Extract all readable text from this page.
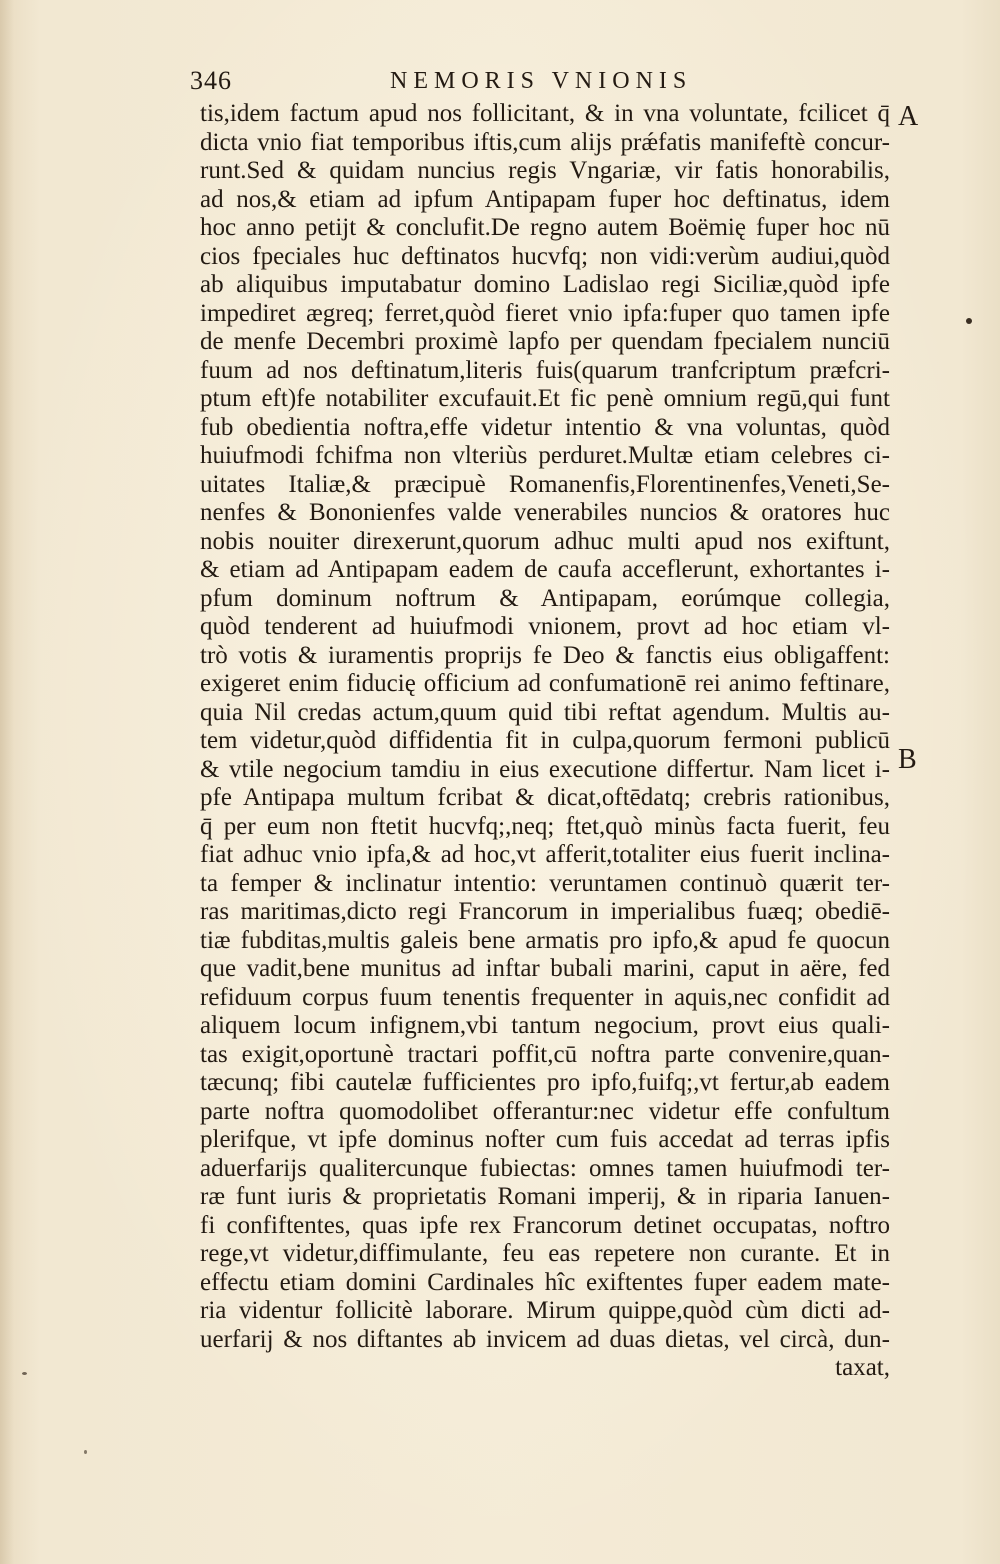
346	NEMORIS VNIONIS
A
B
tis,idem factum apud nos follicitant, & in vna voluntate, fcilicet q̄
dicta vnio fiat temporibus iftis,cum alijs prǽfatis manifeftè concur-
runt.Sed & quidam nuncius regis Vngariæ, vir fatis honorabilis,
ad nos,& etiam ad ipfum Antipapam fuper hoc deftinatus, idem
hoc anno petijt & conclufit.De regno autem Boëmię fuper hoc nū
cios fpeciales huc deftinatos hucvfq; non vidi:verùm audiui,quòd
ab aliquibus imputabatur domino Ladislao regi Siciliæ,quòd ipfe
impediret ægreq; ferret,quòd fieret vnio ipfa:fuper quo tamen ipfe
de menfe Decembri proximè lapfo per quendam fpecialem nunciū
fuum ad nos deftinatum,literis fuis(quarum tranfcriptum præfcri-
ptum eft)fe notabiliter excufauit.Et fic penè omnium regū,qui funt
fub obedientia noftra,effe videtur intentio & vna voluntas, quòd
huiufmodi fchifma non vlteriùs perduret.Multæ etiam celebres ci-
uitates Italiæ,& præcipuè Romanenfis,Florentinenfes,Veneti,Se-
nenfes & Bononienfes valde venerabiles nuncios & oratores huc
nobis nouiter direxerunt,quorum adhuc multi apud nos exiftunt,
& etiam ad Antipapam eadem de caufa acceflerunt, exhortantes i-
pfum dominum noftrum & Antipapam, eorúmque collegia,
quòd tenderent ad huiufmodi vnionem, provt ad hoc etiam vl-
trò votis & iuramentis proprijs fe Deo & fanctis eius obligaffent:
exigeret enim fiducię officium ad confumationē rei animo feftinare,
quia Nil credas actum,quum quid tibi reftat agendum. Multis au-
tem videtur,quòd diffidentia fit in culpa,quorum fermoni publicū
& vtile negocium tamdiu in eius executione differtur. Nam licet i-
pfe Antipapa multum fcribat & dicat,oftēdatq; crebris rationibus,
q̄ per eum non ftetit hucvfq;,neq; ftet,quò minùs facta fuerit, feu
fiat adhuc vnio ipfa,& ad hoc,vt afferit,totaliter eius fuerit inclina-
ta femper & inclinatur intentio: veruntamen continuò quærit ter-
ras maritimas,dicto regi Francorum in imperialibus fuæq; obediē-
tiæ fubditas,multis galeis bene armatis pro ipfo,& apud fe quocun
que vadit,bene munitus ad inftar bubali marini, caput in aëre, fed
refiduum corpus fuum tenentis frequenter in aquis,nec confidit ad
aliquem locum infignem,vbi tantum negocium, provt eius quali-
tas exigit,oportunè tractari poffit,cū noftra parte convenire,quan-
tæcunq; fibi cautelæ fufficientes pro ipfo,fuifq;,vt fertur,ab eadem
parte noftra quomodolibet offerantur:nec videtur effe confultum
plerifque, vt ipfe dominus nofter cum fuis accedat ad terras ipfis
aduerfarijs qualitercunque fubiectas: omnes tamen huiufmodi ter-
ræ funt iuris & proprietatis Romani imperij, & in riparia Ianuen-
fi confiftentes, quas ipfe rex Francorum detinet occupatas, noftro
rege,vt videtur,diffimulante, feu eas repetere non curante. Et in
effectu etiam domini Cardinales hîc exiftentes fuper eadem mate-
ria videntur follicitè laborare. Mirum quippe,quòd cùm dicti ad-
uerfarij & nos diftantes ab invicem ad duas dietas, vel circà, dun-
taxat,
